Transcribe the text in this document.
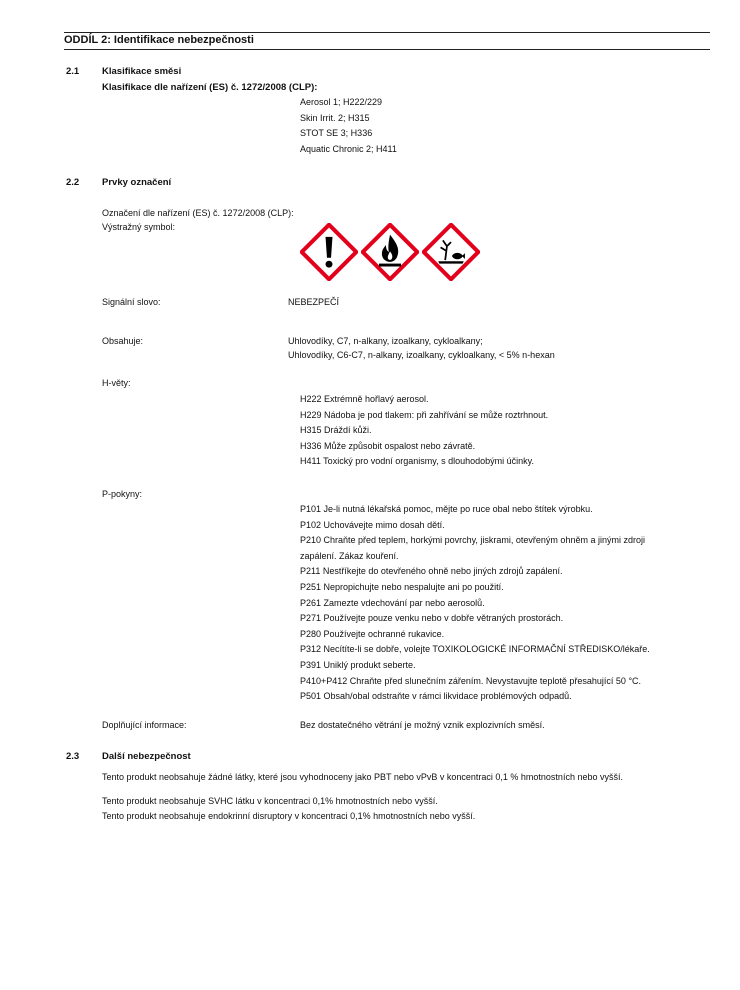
ODDÍL 2: Identifikace nebezpečnosti
2.1 Klasifikace směsi
Klasifikace dle nařízení (ES) č. 1272/2008 (CLP):
Aerosol 1; H222/229
Skin Irrit. 2; H315
STOT SE 3; H336
Aquatic Chronic 2; H411
2.2 Prvky označení
Označení dle nařízení (ES) č. 1272/2008 (CLP):
Výstražný symbol:
Signální slovo:	NEBEZPEČÍ
Obsahuje:	Uhlovodíky, C7, n-alkany, izoalkany, cykloalkany;
Uhlovodíky, C6-C7, n-alkany, izoalkany, cykloalkany, < 5% n-hexan
H-věty:
H222 Extrémně hořlavý aerosol.
H229 Nádoba je pod tlakem: při zahřívání se může roztrhnout.
H315 Dráždí kůži.
H336 Může způsobit ospalost nebo závratě.
H411 Toxický pro vodní organismy, s dlouhodobými účinky.
P-pokyny:
P101 Je-li nutná lékařská pomoc, mějte po ruce obal nebo štítek výrobku.
P102 Uchovávejte mimo dosah dětí.
P210 Chraňte před teplem, horkými povrchy, jiskrami, otevřeným ohněm a jinými zdroji
zapálení. Zákaz kouření.
P211 Nestříkejte do otevřeného ohně nebo jiných zdrojů zapálení.
P251 Nepropichujte nebo nespalujte ani po použití.
P261 Zamezte vdechování par nebo aerosolů.
P271 Používejte pouze venku nebo v dobře větraných prostorách.
P280 Používejte ochranné rukavice.
P312 Necítíte-li se dobře, volejte TOXIKOLOGICKÉ INFORMAČNÍ STŘEDISKO/lékaře.
P391 Uniklý produkt seberte.
P410+P412 Chraňte před slunečním zářením. Nevystavujte teplotě přesahující 50 °C.
P501 Obsah/obal odstraňte v rámci likvidace problémových odpadů.
Doplňující informace:	Bez dostatečného větrání je možný vznik explozivních směsí.
2.3 Další nebezpečnost
Tento produkt neobsahuje žádné látky, které jsou vyhodnoceny jako PBT nebo vPvB v koncentraci 0,1 % hmotnostních nebo vyšší.
Tento produkt neobsahuje SVHC látku v koncentraci 0,1% hmotnostních nebo vyšší.
Tento produkt neobsahuje endokrinní disruptory v koncentraci 0,1% hmotnostních nebo vyšší.
